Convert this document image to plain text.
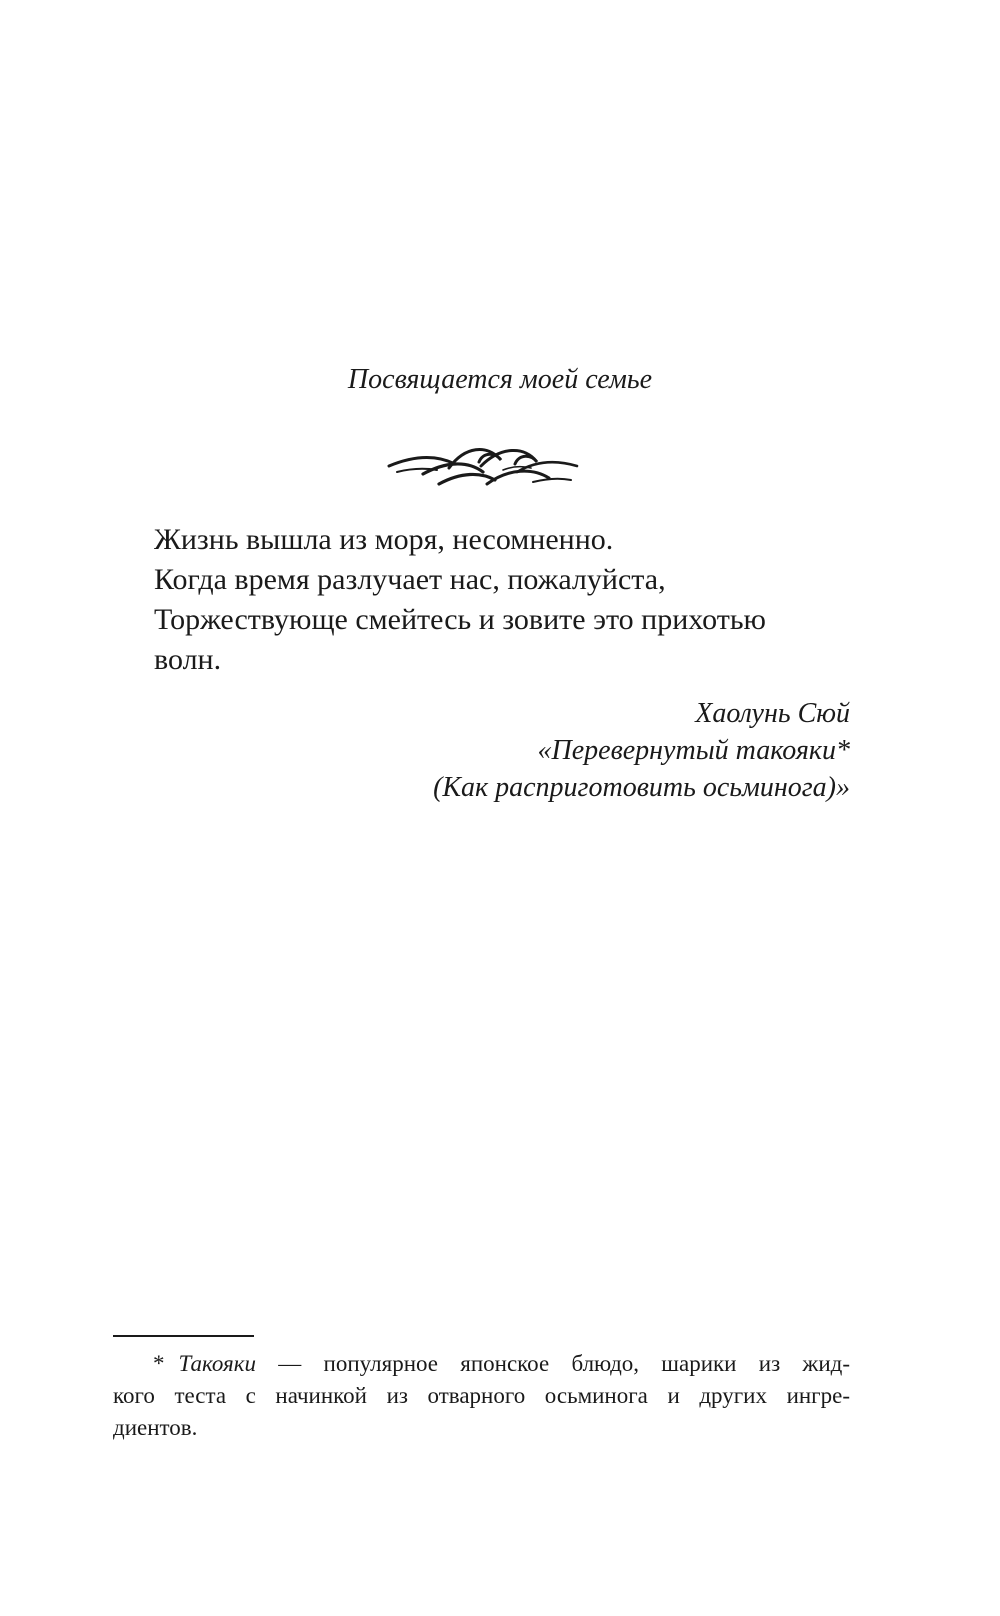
Посвящается моей семье
Жизнь вышла из моря, несомненно.
Когда время разлучает нас, пожалуйста,
Торжествующе смейтесь и зовите это прихотью
волн.
Хаолунь Сюй
«Перевернутый такояки*
(Как расприготовить осьминога)»
* Такояки — популярное японское блюдо, шарики из жид-
кого теста с начинкой из отварного осьминога и других ингре-
диентов.
